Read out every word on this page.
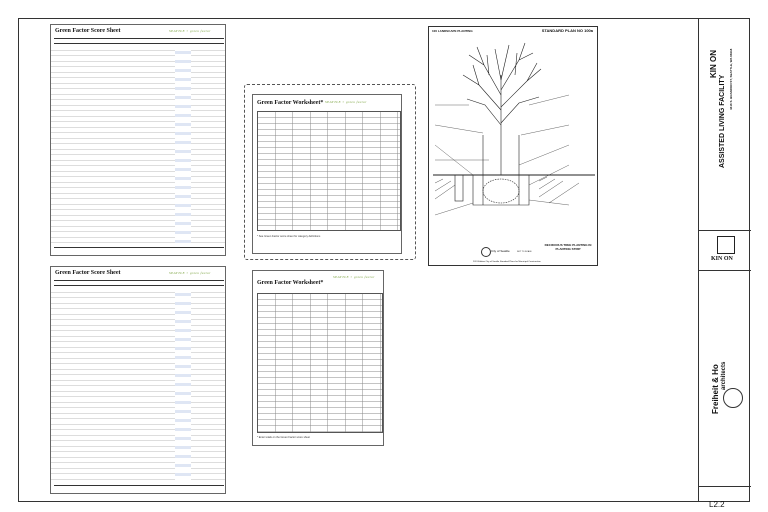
Green Factor Score Sheet	SEATTLE × green factor
Green Factor Worksheet* SEATTLE × green factor
* See Green Factor score sheet for category definitions
Green Factor Score Sheet	SEATTLE × green factor
Green Factor Worksheet*
SEATTLE × green factor
* Enter totals on the Green Factor score sheet
100 LANDSCAPE PLANTING	STANDARD PLAN NO 100a
City of Seattle	NOT TO SCALE
DECIDUOUS TREE PLANTING IN PLANTING STRIP
2011 Edition City of Seattle Standard Plans for Municipal Construction
KIN ON
ASSISTED LIVING FACILITY 4416 S. BRANDON ST, SEATTLE, WA 98118
KIN ON
Freiheit & Ho architects
L2.2
